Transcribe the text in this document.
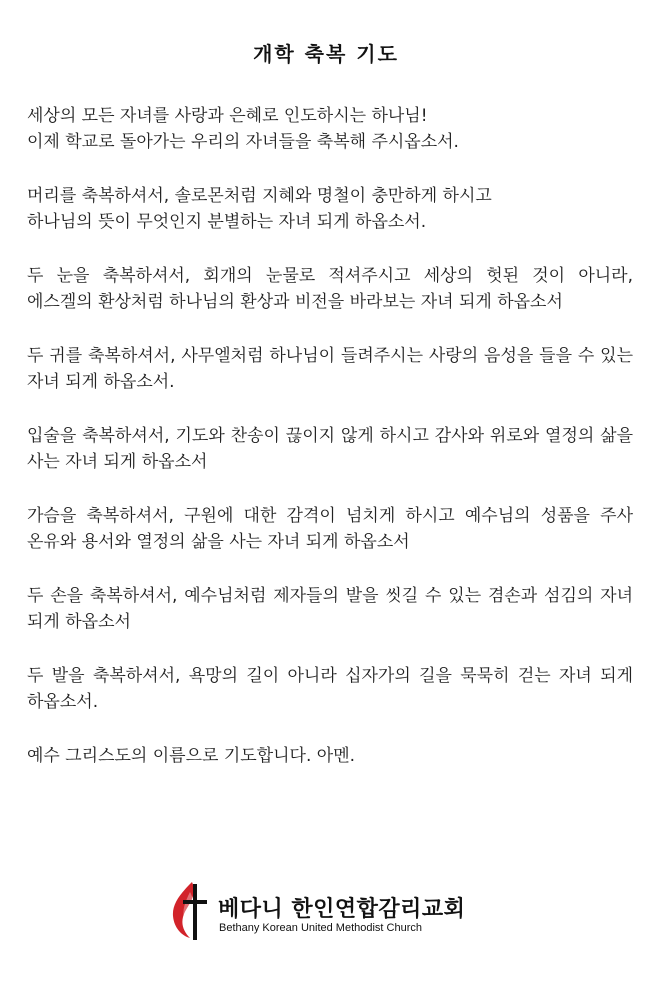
개학 축복 기도

세상의 모든 자녀를 사랑과 은혜로 인도하시는 하나님!
이제 학교로 돌아가는 우리의 자녀들을 축복해 주시옵소서.

머리를 축복하셔서, 솔로몬처럼 지혜와 명철이 충만하게 하시고
하나님의 뜻이 무엇인지 분별하는 자녀 되게 하옵소서.

두 눈을 축복하셔서, 회개의 눈물로 적셔주시고 세상의 헛된 것이 아니라, 에스겔의 환상처럼 하나님의 환상과 비전을 바라보는 자녀 되게 하옵소서

두 귀를 축복하셔서, 사무엘처럼 하나님이 들려주시는 사랑의 음성을 들을 수 있는 자녀 되게 하옵소서.

입술을 축복하셔서, 기도와 찬송이 끊이지 않게 하시고 감사와 위로와 열정의 삶을 사는 자녀 되게 하옵소서

가슴을 축복하셔서, 구원에 대한 감격이 넘치게 하시고 예수님의 성품을 주사 온유와 용서와 열정의 삶을 사는 자녀 되게 하옵소서

두 손을 축복하셔서, 예수님처럼 제자들의 발을 씻길 수 있는 겸손과 섬김의 자녀 되게 하옵소서

두 발을 축복하셔서, 욕망의 길이 아니라 십자가의 길을 묵묵히 걷는 자녀 되게 하옵소서.

예수 그리스도의 이름으로 기도합니다. 아멘.

베다니 한인연합감리교회
Bethany Korean United Methodist Church
